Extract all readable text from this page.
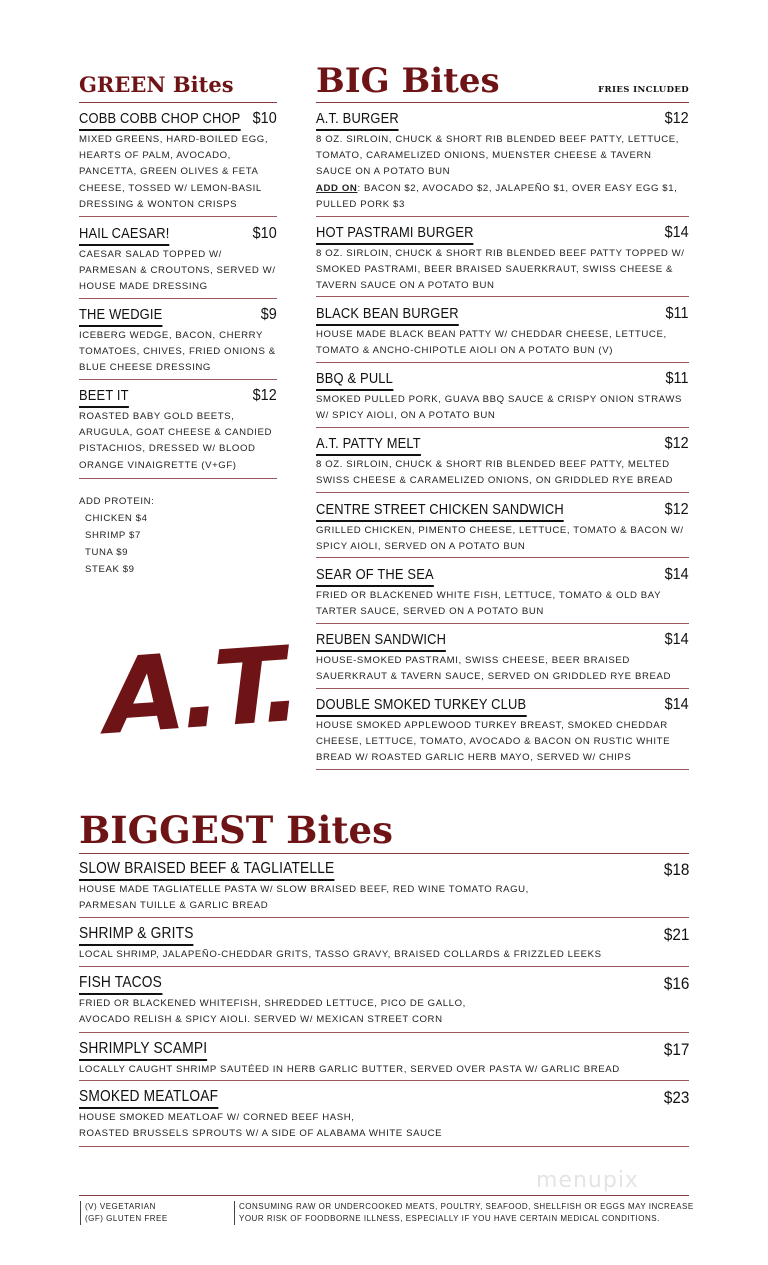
GREEN Bites
COBB COBB CHOP CHOP $10
MIXED GREENS, HARD-BOILED EGG, HEARTS OF PALM, AVOCADO, PANCETTA, GREEN OLIVES & FETA CHEESE, TOSSED W/ LEMON-BASIL DRESSING & WONTON CRISPS
HAIL CAESAR!	$10
CAESAR SALAD TOPPED W/ PARMESAN & CROUTONS, SERVED W/ HOUSE MADE DRESSING
THE WEDGIE	$9
ICEBERG WEDGE, BACON, CHERRY TOMATOES, CHIVES, FRIED ONIONS & BLUE CHEESE DRESSING
BEET IT	$12
ROASTED BABY GOLD BEETS, ARUGULA, GOAT CHEESE & CANDIED PISTACHIOS, DRESSED W/ BLOOD ORANGE VINAIGRETTE (V+GF)
ADD PROTEIN:
CHICKEN $4
SHRIMP $7
TUNA $9
STEAK $9
A.T.
BIG Bites	FRIES INCLUDED
A.T. BURGER	$12
8 OZ. SIRLOIN, CHUCK & SHORT RIB BLENDED BEEF PATTY, LETTUCE, TOMATO, CARAMELIZED ONIONS, MUENSTER CHEESE & TAVERN SAUCE ON A POTATO BUN
ADD ON: BACON $2, AVOCADO $2, JALAPEÑO $1, OVER EASY EGG $1, PULLED PORK $3
HOT PASTRAMI BURGER	$14
8 OZ. SIRLOIN, CHUCK & SHORT RIB BLENDED BEEF PATTY TOPPED W/ SMOKED PASTRAMI, BEER BRAISED SAUERKRAUT, SWISS CHEESE & TAVERN SAUCE ON A POTATO BUN
BLACK BEAN BURGER	$11
HOUSE MADE BLACK BEAN PATTY W/ CHEDDAR CHEESE, LETTUCE, TOMATO & ANCHO-CHIPOTLE AIOLI ON A POTATO BUN (V)
BBQ & PULL	$11
SMOKED PULLED PORK, GUAVA BBQ SAUCE & CRISPY ONION STRAWS W/ SPICY AIOLI, ON A POTATO BUN
A.T. PATTY MELT	$12
8 OZ. SIRLOIN, CHUCK & SHORT RIB BLENDED BEEF PATTY, MELTED SWISS CHEESE & CARAMELIZED ONIONS, ON GRIDDLED RYE BREAD
CENTRE STREET CHICKEN SANDWICH	$12
GRILLED CHICKEN, PIMENTO CHEESE, LETTUCE, TOMATO & BACON W/ SPICY AIOLI, SERVED ON A POTATO BUN
SEAR OF THE SEA	$14
FRIED OR BLACKENED WHITE FISH, LETTUCE, TOMATO & OLD BAY TARTER SAUCE, SERVED ON A POTATO BUN
REUBEN SANDWICH	$14
HOUSE-SMOKED PASTRAMI, SWISS CHEESE, BEER BRAISED SAUERKRAUT & TAVERN SAUCE, SERVED ON GRIDDLED RYE BREAD
DOUBLE SMOKED TURKEY CLUB	$14
HOUSE SMOKED APPLEWOOD TURKEY BREAST, SMOKED CHEDDAR CHEESE, LETTUCE, TOMATO, AVOCADO & BACON ON RUSTIC WHITE BREAD W/ ROASTED GARLIC HERB MAYO, SERVED W/ CHIPS
BIGGEST Bites
SLOW BRAISED BEEF & TAGLIATELLE	$18
HOUSE MADE TAGLIATELLE PASTA W/ SLOW BRAISED BEEF, RED WINE TOMATO RAGU,
PARMESAN TUILLE & GARLIC BREAD
SHRIMP & GRITS	$21
LOCAL SHRIMP, JALAPEÑO-CHEDDAR GRITS, TASSO GRAVY, BRAISED COLLARDS & FRIZZLED LEEKS
FISH TACOS	$16
FRIED OR BLACKENED WHITEFISH, SHREDDED LETTUCE, PICO DE GALLO,
AVOCADO RELISH & SPICY AIOLI. SERVED W/ MEXICAN STREET CORN
SHRIMPLY SCAMPI	$17
LOCALLY CAUGHT SHRIMP SAUTÉED IN HERB GARLIC BUTTER, SERVED OVER PASTA W/ GARLIC BREAD
SMOKED MEATLOAF	$23
HOUSE SMOKED MEATLOAF W/ CORNED BEEF HASH,
ROASTED BRUSSELS SPROUTS W/ A SIDE OF ALABAMA WHITE SAUCE
menupix
(V) VEGETARIAN
(GF) GLUTEN FREE
CONSUMING RAW OR UNDERCOOKED MEATS, POULTRY, SEAFOOD, SHELLFISH OR EGGS MAY INCREASE
YOUR RISK OF FOODBORNE ILLNESS, ESPECIALLY IF YOU HAVE CERTAIN MEDICAL CONDITIONS.
